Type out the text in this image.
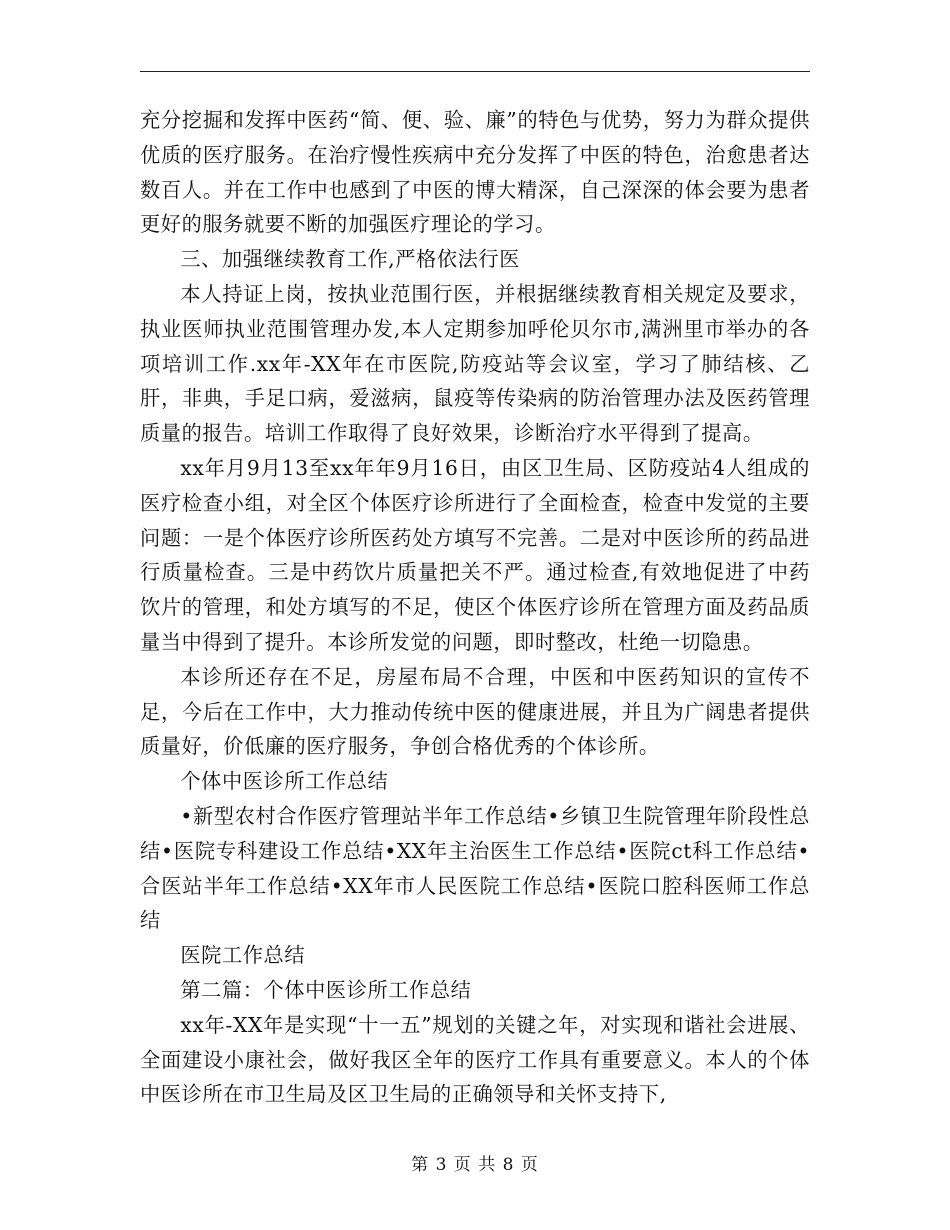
充分挖掘和发挥中医药“简、便、验、廉”的特色与优势，努力为群众提供优质的医疗服务。在治疗慢性疾病中充分发挥了中医的特色，治愈患者达数百人。并在工作中也感到了中医的博大精深，自己深深的体会要为患者更好的服务就要不断的加强医疗理论的学习。

三、加强继续教育工作,严格依法行医

本人持证上岗，按执业范围行医，并根据继续教育相关规定及要求，执业医师执业范围管理办发,本人定期参加呼伦贝尔市,满洲里市举办的各项培训工作.xx年-XX年在市医院,防疫站等会议室，学习了肺结核、乙肝，非典，手足口病，爱滋病，鼠疫等传染病的防治管理办法及医药管理质量的报告。培训工作取得了良好效果，诊断治疗水平得到了提高。

xx年月9月13至xx年年9月16日，由区卫生局、区防疫站4人组成的医疗检查小组，对全区个体医疗诊所进行了全面检查，检查中发觉的主要问题：一是个体医疗诊所医药处方填写不完善。二是对中医诊所的药品进行质量检查。三是中药饮片质量把关不严。通过检查,有效地促进了中药饮片的管理，和处方填写的不足，使区个体医疗诊所在管理方面及药品质量当中得到了提升。本诊所发觉的问题，即时整改，杜绝一切隐患。

本诊所还存在不足，房屋布局不合理，中医和中医药知识的宣传不足，今后在工作中，大力推动传统中医的健康进展，并且为广阔患者提供质量好，价低廉的医疗服务，争创合格优秀的个体诊所。

个体中医诊所工作总结

•新型农村合作医疗管理站半年工作总结•乡镇卫生院管理年阶段性总结•医院专科建设工作总结•XX年主治医生工作总结•医院ct科工作总结•合医站半年工作总结•XX年市人民医院工作总结•医院口腔科医师工作总结

医院工作总结

第二篇：个体中医诊所工作总结

xx年-XX年是实现“十一五”规划的关键之年，对实现和谐社会进展、全面建设小康社会，做好我区全年的医疗工作具有重要意义。本人的个体中医诊所在市卫生局及区卫生局的正确领导和关怀支持下,

第 3 页 共 8 页
